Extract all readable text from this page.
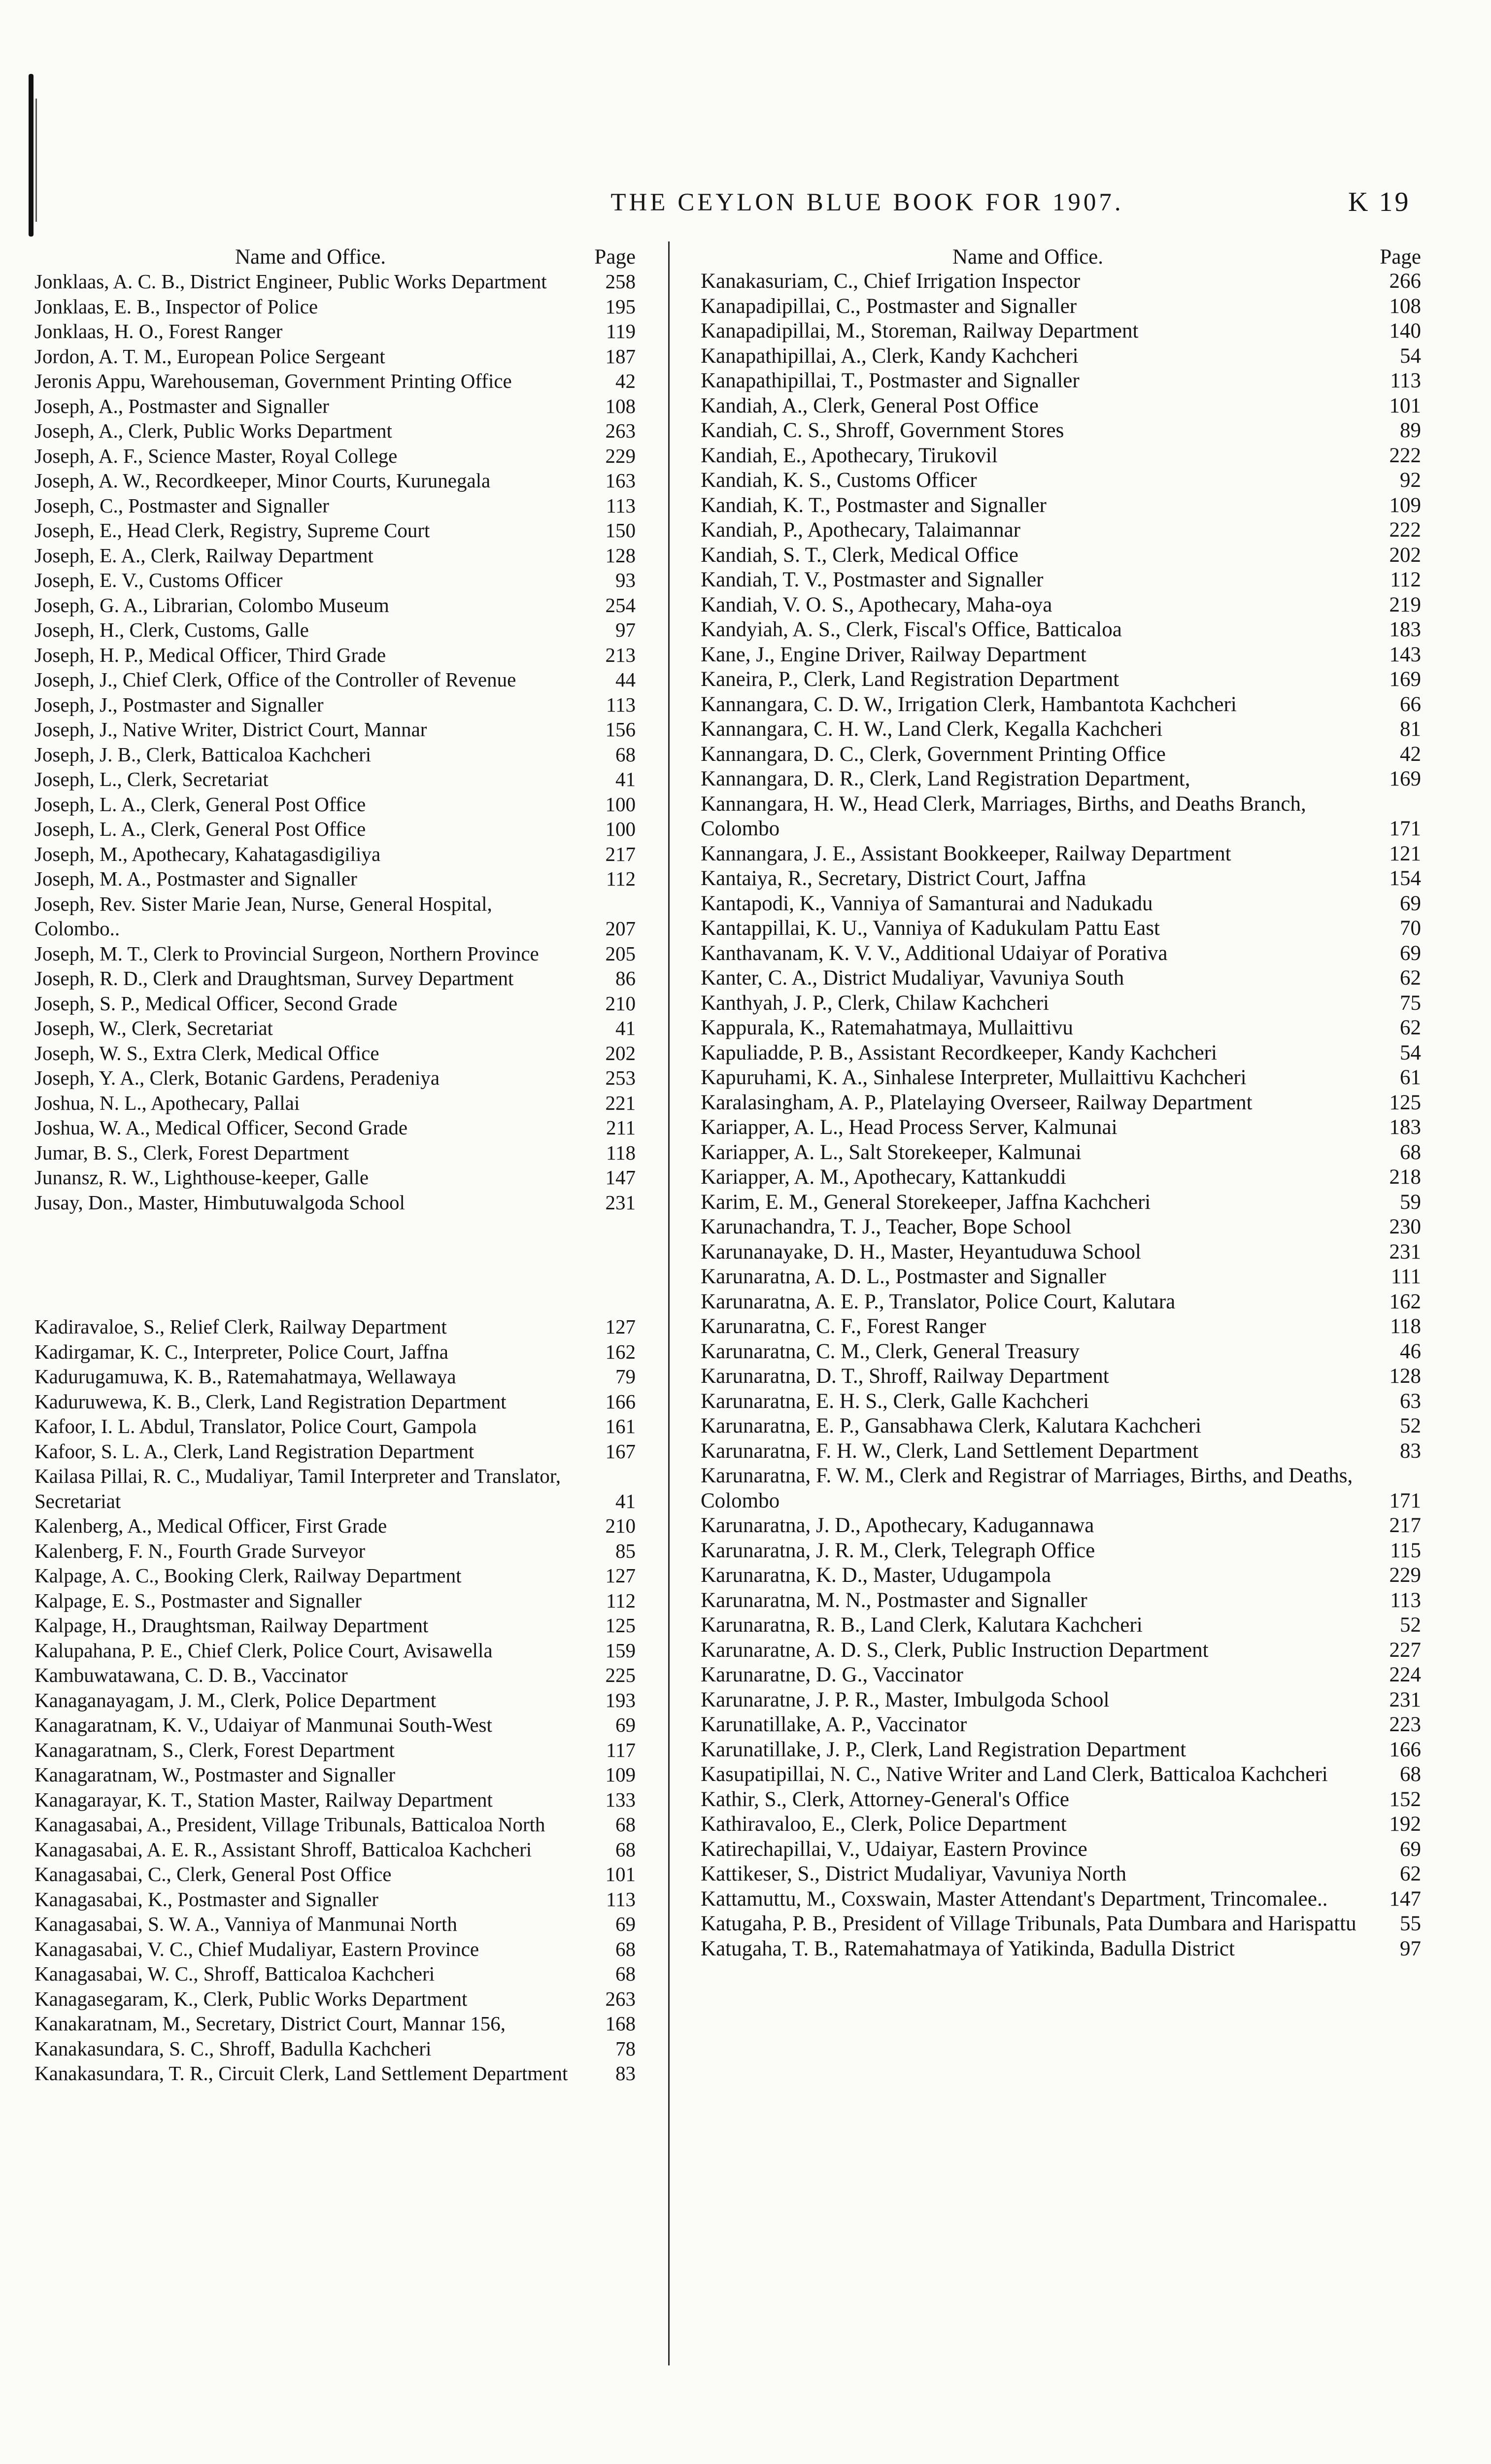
THE CEYLON BLUE BOOK FOR 1907.	K 19
Name and Office.	Page
Jonklaas, A. C. B., District Engineer, Public Works Department	258
Jonklaas, E. B., Inspector of Police	195
Jonklaas, H. O., Forest Ranger	119
Jordon, A. T. M., European Police Sergeant	187
Jeronis Appu, Warehouseman, Government Printing Office	42
Joseph, A., Postmaster and Signaller	108
Joseph, A., Clerk, Public Works Department	263
Joseph, A. F., Science Master, Royal College	229
Joseph, A. W., Recordkeeper, Minor Courts, Kurunegala	163
Joseph, C., Postmaster and Signaller	113
Joseph, E., Head Clerk, Registry, Supreme Court	150
Joseph, E. A., Clerk, Railway Department	128
Joseph, E. V., Customs Officer	93
Joseph, G. A., Librarian, Colombo Museum	254
Joseph, H., Clerk, Customs, Galle	97
Joseph, H. P., Medical Officer, Third Grade	213
Joseph, J., Chief Clerk, Office of the Controller of Revenue	44
Joseph, J., Postmaster and Signaller	113
Joseph, J., Native Writer, District Court, Mannar	156
Joseph, J. B., Clerk, Batticaloa Kachcheri	68
Joseph, L., Clerk, Secretariat	41
Joseph, L. A., Clerk, General Post Office	100
Joseph, L. A., Clerk, General Post Office	100
Joseph, M., Apothecary, Kahatagasdigiliya	217
Joseph, M. A., Postmaster and Signaller	112
Joseph, Rev. Sister Marie Jean, Nurse, General Hospital, Colombo..	207
Joseph, M. T., Clerk to Provincial Surgeon, Northern Province	205
Joseph, R. D., Clerk and Draughtsman, Survey Department	86
Joseph, S. P., Medical Officer, Second Grade	210
Joseph, W., Clerk, Secretariat	41
Joseph, W. S., Extra Clerk, Medical Office	202
Joseph, Y. A., Clerk, Botanic Gardens, Peradeniya	253
Joshua, N. L., Apothecary, Pallai	221
Joshua, W. A., Medical Officer, Second Grade	211
Jumar, B. S., Clerk, Forest Department	118
Junansz, R. W., Lighthouse-keeper, Galle	147
Jusay, Don., Master, Himbutuwalgoda School	231
Kadiravaloe, S., Relief Clerk, Railway Department	127
Kadirgamar, K. C., Interpreter, Police Court, Jaffna	162
Kadurugamuwa, K. B., Ratemahatmaya, Wellawaya	79
Kaduruwewa, K. B., Clerk, Land Registration Department	166
Kafoor, I. L. Abdul, Translator, Police Court, Gampola	161
Kafoor, S. L. A., Clerk, Land Registration Department	167
Kailasa Pillai, R. C., Mudaliyar, Tamil Interpreter and Translator, Secretariat	41
Kalenberg, A., Medical Officer, First Grade	210
Kalenberg, F. N., Fourth Grade Surveyor	85
Kalpage, A. C., Booking Clerk, Railway Department	127
Kalpage, E. S., Postmaster and Signaller	112
Kalpage, H., Draughtsman, Railway Department	125
Kalupahana, P. E., Chief Clerk, Police Court, Avisawella	159
Kambuwatawana, C. D. B., Vaccinator	225
Kanaganayagam, J. M., Clerk, Police Department	193
Kanagaratnam, K. V., Udaiyar of Manmunai South-West	69
Kanagaratnam, S., Clerk, Forest Department	117
Kanagaratnam, W., Postmaster and Signaller	109
Kanagarayar, K. T., Station Master, Railway Department	133
Kanagasabai, A., President, Village Tribunals, Batticaloa North	68
Kanagasabai, A. E. R., Assistant Shroff, Batticaloa Kachcheri	68
Kanagasabai, C., Clerk, General Post Office	101
Kanagasabai, K., Postmaster and Signaller	113
Kanagasabai, S. W. A., Vanniya of Manmunai North	69
Kanagasabai, V. C., Chief Mudaliyar, Eastern Province	68
Kanagasabai, W. C., Shroff, Batticaloa Kachcheri	68
Kanagasegaram, K., Clerk, Public Works Department	263
Kanakaratnam, M., Secretary, District Court, Mannar 156,	168
Kanakasundara, S. C., Shroff, Badulla Kachcheri	78
Kanakasundara, T. R., Circuit Clerk, Land Settlement Department	83
Name and Office.	Page
Kanakasuriam, C., Chief Irrigation Inspector	266
Kanapadipillai, C., Postmaster and Signaller	108
Kanapadipillai, M., Storeman, Railway Department	140
Kanapathipillai, A., Clerk, Kandy Kachcheri	54
Kanapathipillai, T., Postmaster and Signaller	113
Kandiah, A., Clerk, General Post Office	101
Kandiah, C. S., Shroff, Government Stores	89
Kandiah, E., Apothecary, Tirukovil	222
Kandiah, K. S., Customs Officer	92
Kandiah, K. T., Postmaster and Signaller	109
Kandiah, P., Apothecary, Talaimannar	222
Kandiah, S. T., Clerk, Medical Office	202
Kandiah, T. V., Postmaster and Signaller	112
Kandiah, V. O. S., Apothecary, Maha-oya	219
Kandyiah, A. S., Clerk, Fiscal's Office, Batticaloa	183
Kane, J., Engine Driver, Railway Department	143
Kaneira, P., Clerk, Land Registration Department	169
Kannangara, C. D. W., Irrigation Clerk, Hambantota Kachcheri	66
Kannangara, C. H. W., Land Clerk, Kegalla Kachcheri	81
Kannangara, D. C., Clerk, Government Printing Office	42
Kannangara, D. R., Clerk, Land Registration Department,	169
Kannangara, H. W., Head Clerk, Marriages, Births, and Deaths Branch, Colombo	171
Kannangara, J. E., Assistant Bookkeeper, Railway Department	121
Kantaiya, R., Secretary, District Court, Jaffna	154
Kantapodi, K., Vanniya of Samanturai and Nadukadu	69
Kantappillai, K. U., Vanniya of Kadukulam Pattu East	70
Kanthavanam, K. V. V., Additional Udaiyar of Porativa	69
Kanter, C. A., District Mudaliyar, Vavuniya South	62
Kanthyah, J. P., Clerk, Chilaw Kachcheri	75
Kappurala, K., Ratemahatmaya, Mullaittivu	62
Kapuliadde, P. B., Assistant Recordkeeper, Kandy Kachcheri	54
Kapuruhami, K. A., Sinhalese Interpreter, Mullaittivu Kachcheri	61
Karalasingham, A. P., Platelaying Overseer, Railway Department	125
Kariapper, A. L., Head Process Server, Kalmunai	183
Kariapper, A. L., Salt Storekeeper, Kalmunai	68
Kariapper, A. M., Apothecary, Kattankuddi	218
Karim, E. M., General Storekeeper, Jaffna Kachcheri	59
Karunachandra, T. J., Teacher, Bope School	230
Karunanayake, D. H., Master, Heyantuduwa School	231
Karunaratna, A. D. L., Postmaster and Signaller	111
Karunaratna, A. E. P., Translator, Police Court, Kalutara	162
Karunaratna, C. F., Forest Ranger	118
Karunaratna, C. M., Clerk, General Treasury	46
Karunaratna, D. T., Shroff, Railway Department	128
Karunaratna, E. H. S., Clerk, Galle Kachcheri	63
Karunaratna, E. P., Gansabhawa Clerk, Kalutara Kachcheri	52
Karunaratna, F. H. W., Clerk, Land Settlement Department	83
Karunaratna, F. W. M., Clerk and Registrar of Marriages, Births, and Deaths, Colombo	171
Karunaratna, J. D., Apothecary, Kadugannawa	217
Karunaratna, J. R. M., Clerk, Telegraph Office	115
Karunaratna, K. D., Master, Udugampola	229
Karunaratna, M. N., Postmaster and Signaller	113
Karunaratna, R. B., Land Clerk, Kalutara Kachcheri	52
Karunaratne, A. D. S., Clerk, Public Instruction Department	227
Karunaratne, D. G., Vaccinator	224
Karunaratne, J. P. R., Master, Imbulgoda School	231
Karunatillake, A. P., Vaccinator	223
Karunatillake, J. P., Clerk, Land Registration Department	166
Kasupatipillai, N. C., Native Writer and Land Clerk, Batticaloa Kachcheri	68
Kathir, S., Clerk, Attorney-General's Office	152
Kathiravaloo, E., Clerk, Police Department	192
Katirechapillai, V., Udaiyar, Eastern Province	69
Kattikeser, S., District Mudaliyar, Vavuniya North	62
Kattamuttu, M., Coxswain, Master Attendant's Department, Trincomalee..	147
Katugaha, P. B., President of Village Tribunals, Pata Dumbara and Harispattu	55
Katugaha, T. B., Ratemahatmaya of Yatikinda, Badulla District	97
